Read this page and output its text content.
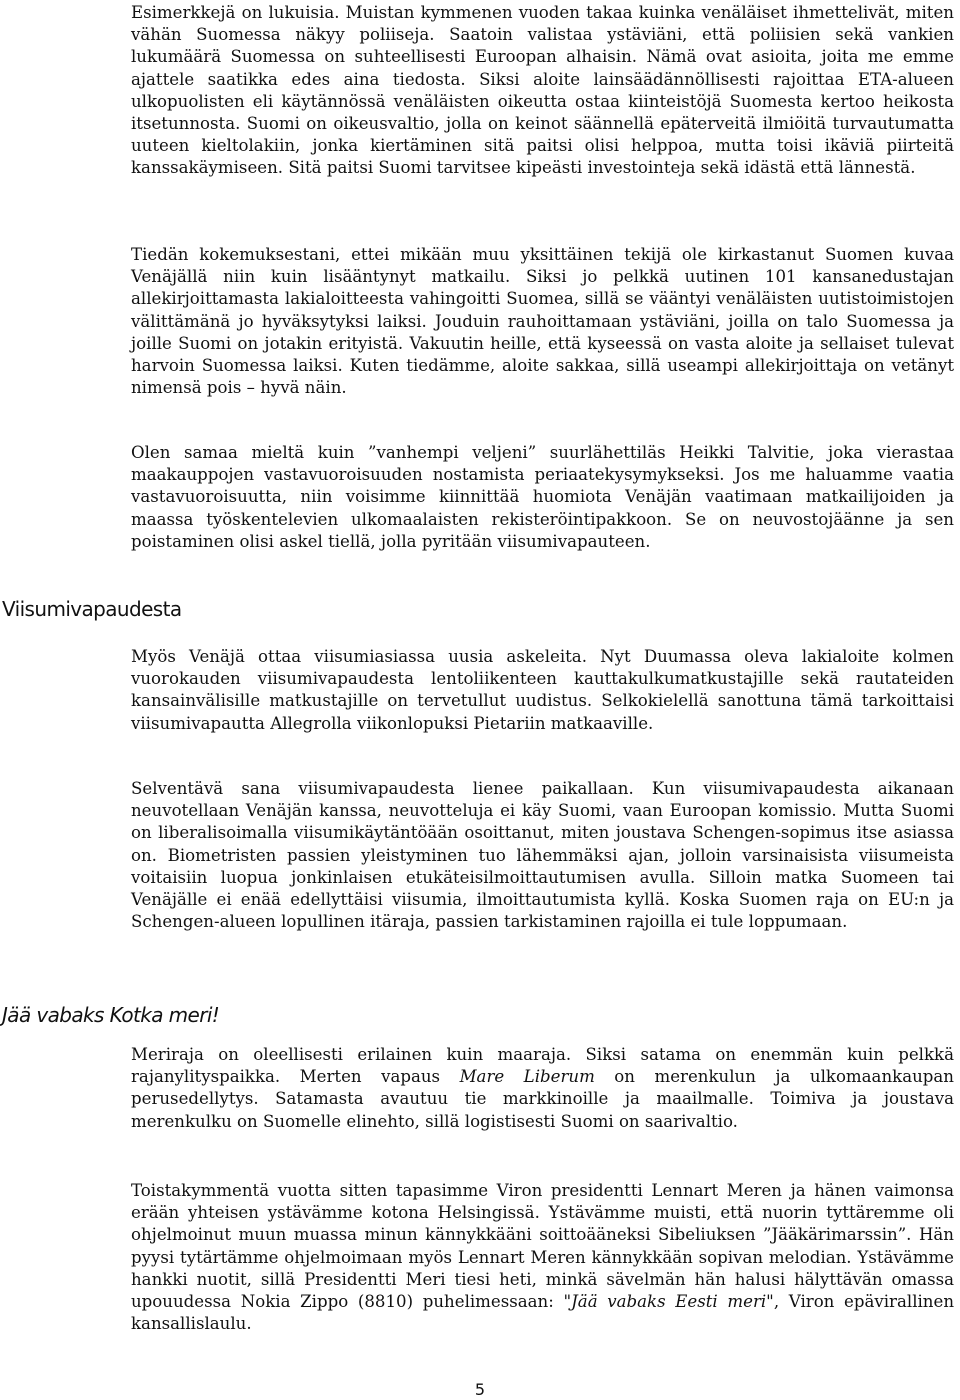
Esimerkkejä on lukuisia. Muistan kymmenen vuoden takaa kuinka venäläiset ihmettelivät, miten vähän Suomessa näkyy poliiseja. Saatoin valistaa ystäviäni, että poliisien sekä vankien lukumäärä Suomessa on suhteellisesti Euroopan alhaisin. Nämä ovat asioita, joita me emme ajattele saatikka edes aina tiedosta. Siksi aloite lainsäädännöllisesti rajoittaa ETA-alueen ulkopuolisten eli käytännössä venäläisten oikeutta ostaa kiinteistöjä Suomesta kertoo heikosta itsetunnosta. Suomi on oikeusvaltio, jolla on keinot säännellä epäterveitä ilmiöitä turvautumatta uuteen kieltolakiin, jonka kiertäminen sitä paitsi olisi helppoa, mutta toisi ikäviä piirteitä kanssakäymiseen. Sitä paitsi Suomi tarvitsee kipeästi investointeja sekä idästä että lännestä.

Tiedän kokemuksestani, ettei mikään muu yksittäinen tekijä ole kirkastanut Suomen kuvaa Venäjällä niin kuin lisääntynyt matkailu. Siksi jo pelkkä uutinen 101 kansanedustajan allekirjoittamasta lakialoitteesta vahingoitti Suomea, sillä se vääntyi venäläisten uutistoimistojen välittämänä jo hyväksytyksi laiksi. Jouduin rauhoittamaan ystäviäni, joilla on talo Suomessa ja joille Suomi on jotakin erityistä. Vakuutin heille, että kyseessä on vasta aloite ja sellaiset tulevat harvoin Suomessa laiksi. Kuten tiedämme, aloite sakkaa, sillä useampi allekirjoittaja on vetänyt nimensä pois – hyvä näin.

Olen samaa mieltä kuin ”vanhempi veljeni” suurlähettiläs Heikki Talvitie, joka vierastaa maakauppojen vastavuoroisuuden nostamista periaatekysymykseksi. Jos me haluamme vaatia vastavuoroisuutta, niin voisimme kiinnittää huomiota Venäjän vaatimaan matkailijoiden ja maassa työskentelevien ulkomaalaisten rekisteröintipakkoon. Se on neuvostojäänne ja sen poistaminen olisi askel tiellä, jolla pyritään viisumivapauteen.

Viisumivapaudesta

Myös Venäjä ottaa viisumiasiassa uusia askeleita. Nyt Duumassa oleva lakialoite kolmen vuorokauden viisumivapaudesta lentoliikenteen kauttakulkumatkustajille sekä rautateiden kansainvälisille matkustajille on tervetullut uudistus. Selkokielellä sanottuna tämä tarkoittaisi viisumivapautta Allegrolla viikonlopuksi Pietariin matkaaville.

Selventävä sana viisumivapaudesta lienee paikallaan. Kun viisumivapaudesta aikanaan neuvotellaan Venäjän kanssa, neuvotteluja ei käy Suomi, vaan Euroopan komissio. Mutta Suomi on liberalisoimalla viisumikäytäntöään osoittanut, miten joustava Schengen-sopimus itse asiassa on. Biometristen passien yleistyminen tuo lähemmäksi ajan, jolloin varsinaisista viisumeista voitaisiin luopua jonkinlaisen etukäteisilmoittautumisen avulla. Silloin matka Suomeen tai Venäjälle ei enää edellyttäisi viisumia, ilmoittautumista kyllä. Koska Suomen raja on EU:n ja Schengen-alueen lopullinen itäraja, passien tarkistaminen rajoilla ei tule loppumaan.

Jää vabaks Kotka meri!

Meriraja on oleellisesti erilainen kuin maaraja. Siksi satama on enemmän kuin pelkkä rajanylityspaikka. Merten vapaus Mare Liberum on merenkulun ja ulkomaankaupan perusedellytys. Satamasta avautuu tie markkinoille ja maailmalle. Toimiva ja joustava merenkulku on Suomelle elinehto, sillä logistisesti Suomi on saarivaltio.

Toistakymmentä vuotta sitten tapasimme Viron presidentti Lennart Meren ja hänen vaimonsa erään yhteisen ystävämme kotona Helsingissä. Ystävämme muisti, että nuorin tyttäremme oli ohjelmoinut muun muassa minun kännykkääni soittoääneksi Sibeliuksen ”Jääkärimarssin”. Hän pyysi tytärtämme ohjelmoimaan myös Lennart Meren kännykkään sopivan melodian. Ystävämme hankki nuotit, sillä Presidentti Meri tiesi heti, minkä sävelmän hän halusi hälyttävän omassa upouudessa Nokia Zippo (8810) puhelimessaan: "Jää vabaks Eesti meri", Viron epävirallinen kansallislaulu.

5
